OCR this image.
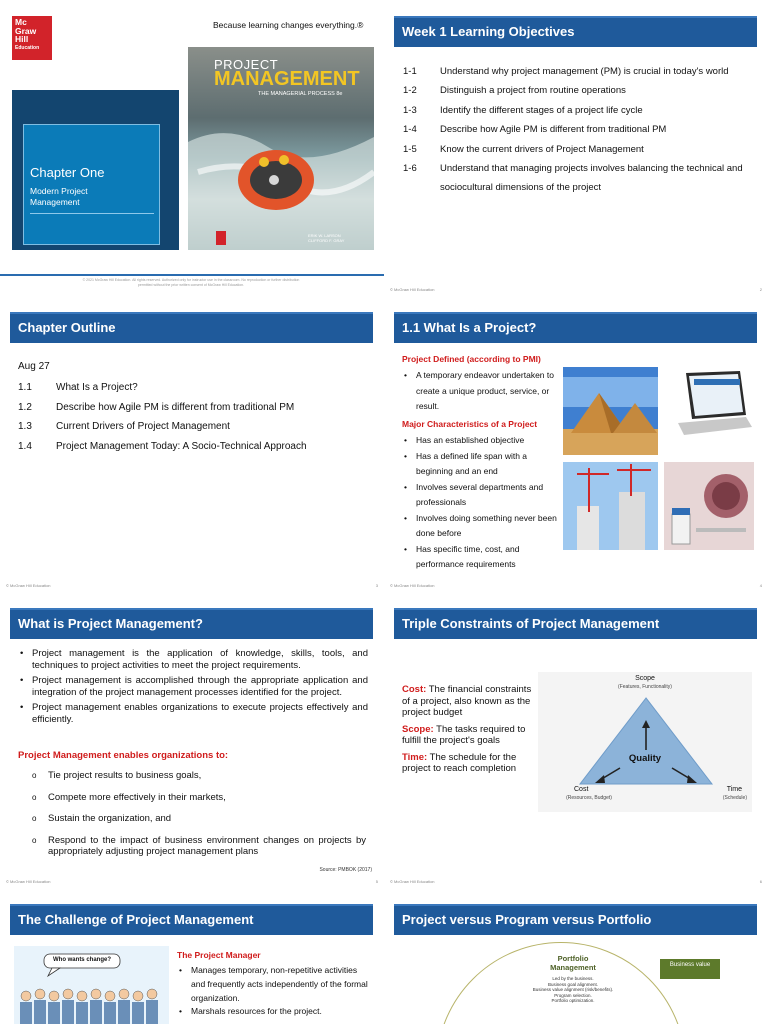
Mc
Graw
Hill
Education
Because learning changes everything.®
Chapter One
Modern Project Management
PROJECT
MANAGEMENT
THE MANAGERIAL PROCESS 8e
ERIK W. LARSON
CLIFFORD F. GRAY
© 2021 McGraw Hill Education. All rights reserved. Authorized only for instructor use in the classroom. No reproduction or further distribution permitted without the prior written consent of McGraw Hill Education.
Week 1 Learning Objectives
1-1	Understand why project management (PM) is crucial in today's world
1-2	Distinguish a project from routine operations
1-3	Identify the different stages of a project life cycle
1-4	Describe how Agile PM is different from traditional PM
1-5	Know the current drivers of Project Management
1-6	Understand that managing projects involves balancing the technical and sociocultural dimensions of the project
© McGraw Hill Education	2
Chapter Outline
Aug 27
1.1	What Is a Project?
1.2	Describe how Agile PM is different from traditional PM
1.3	Current Drivers of Project Management
1.4	Project Management Today: A Socio-Technical Approach
© McGraw Hill Education	3
1.1 What Is a Project?
Project Defined (according to PMI)
• A temporary endeavor undertaken to create a unique product, service, or result.
Major Characteristics of a Project
• Has an established objective
• Has a defined life span with a beginning and an end
• Involves several departments and professionals
• Involves doing something never been done before
• Has specific time, cost, and performance requirements
© McGraw Hill Education	4
What is Project Management?
• Project management is the application of knowledge, skills, tools, and techniques to project activities to meet the project requirements.
• Project management is accomplished through the appropriate application and integration of the project management processes identified for the project.
• Project management enables organizations to execute projects effectively and efficiently.
Project Management enables organizations to:
o Tie project results to business goals,
o Compete more effectively in their markets,
o Sustain the organization, and
o Respond to the impact of business environment changes on projects by appropriately adjusting project management plans
Source: PMBOK (2017)
© McGraw Hill Education	5
Triple Constraints of Project Management
Cost: The financial constraints of a project, also known as the project budget
Scope: The tasks required to fulfill the project's goals
Time: The schedule for the project to reach completion
Scope
(Features, Functionality)
Quality
Cost
(Resources, Budget)
Time
(Schedule)
© McGraw Hill Education	6
The Challenge of Project Management
Who wants change?	The Project Manager
• Manages temporary, non-repetitive activities and frequently acts independently of the formal organization.
• Marshals resources for the project.
Project versus Program versus Portfolio
Portfolio Management
Led by the business.
Business goal alignment.
Business value alignment (risk/benefits).
Program selection.
Portfolio optimization.
Business value
